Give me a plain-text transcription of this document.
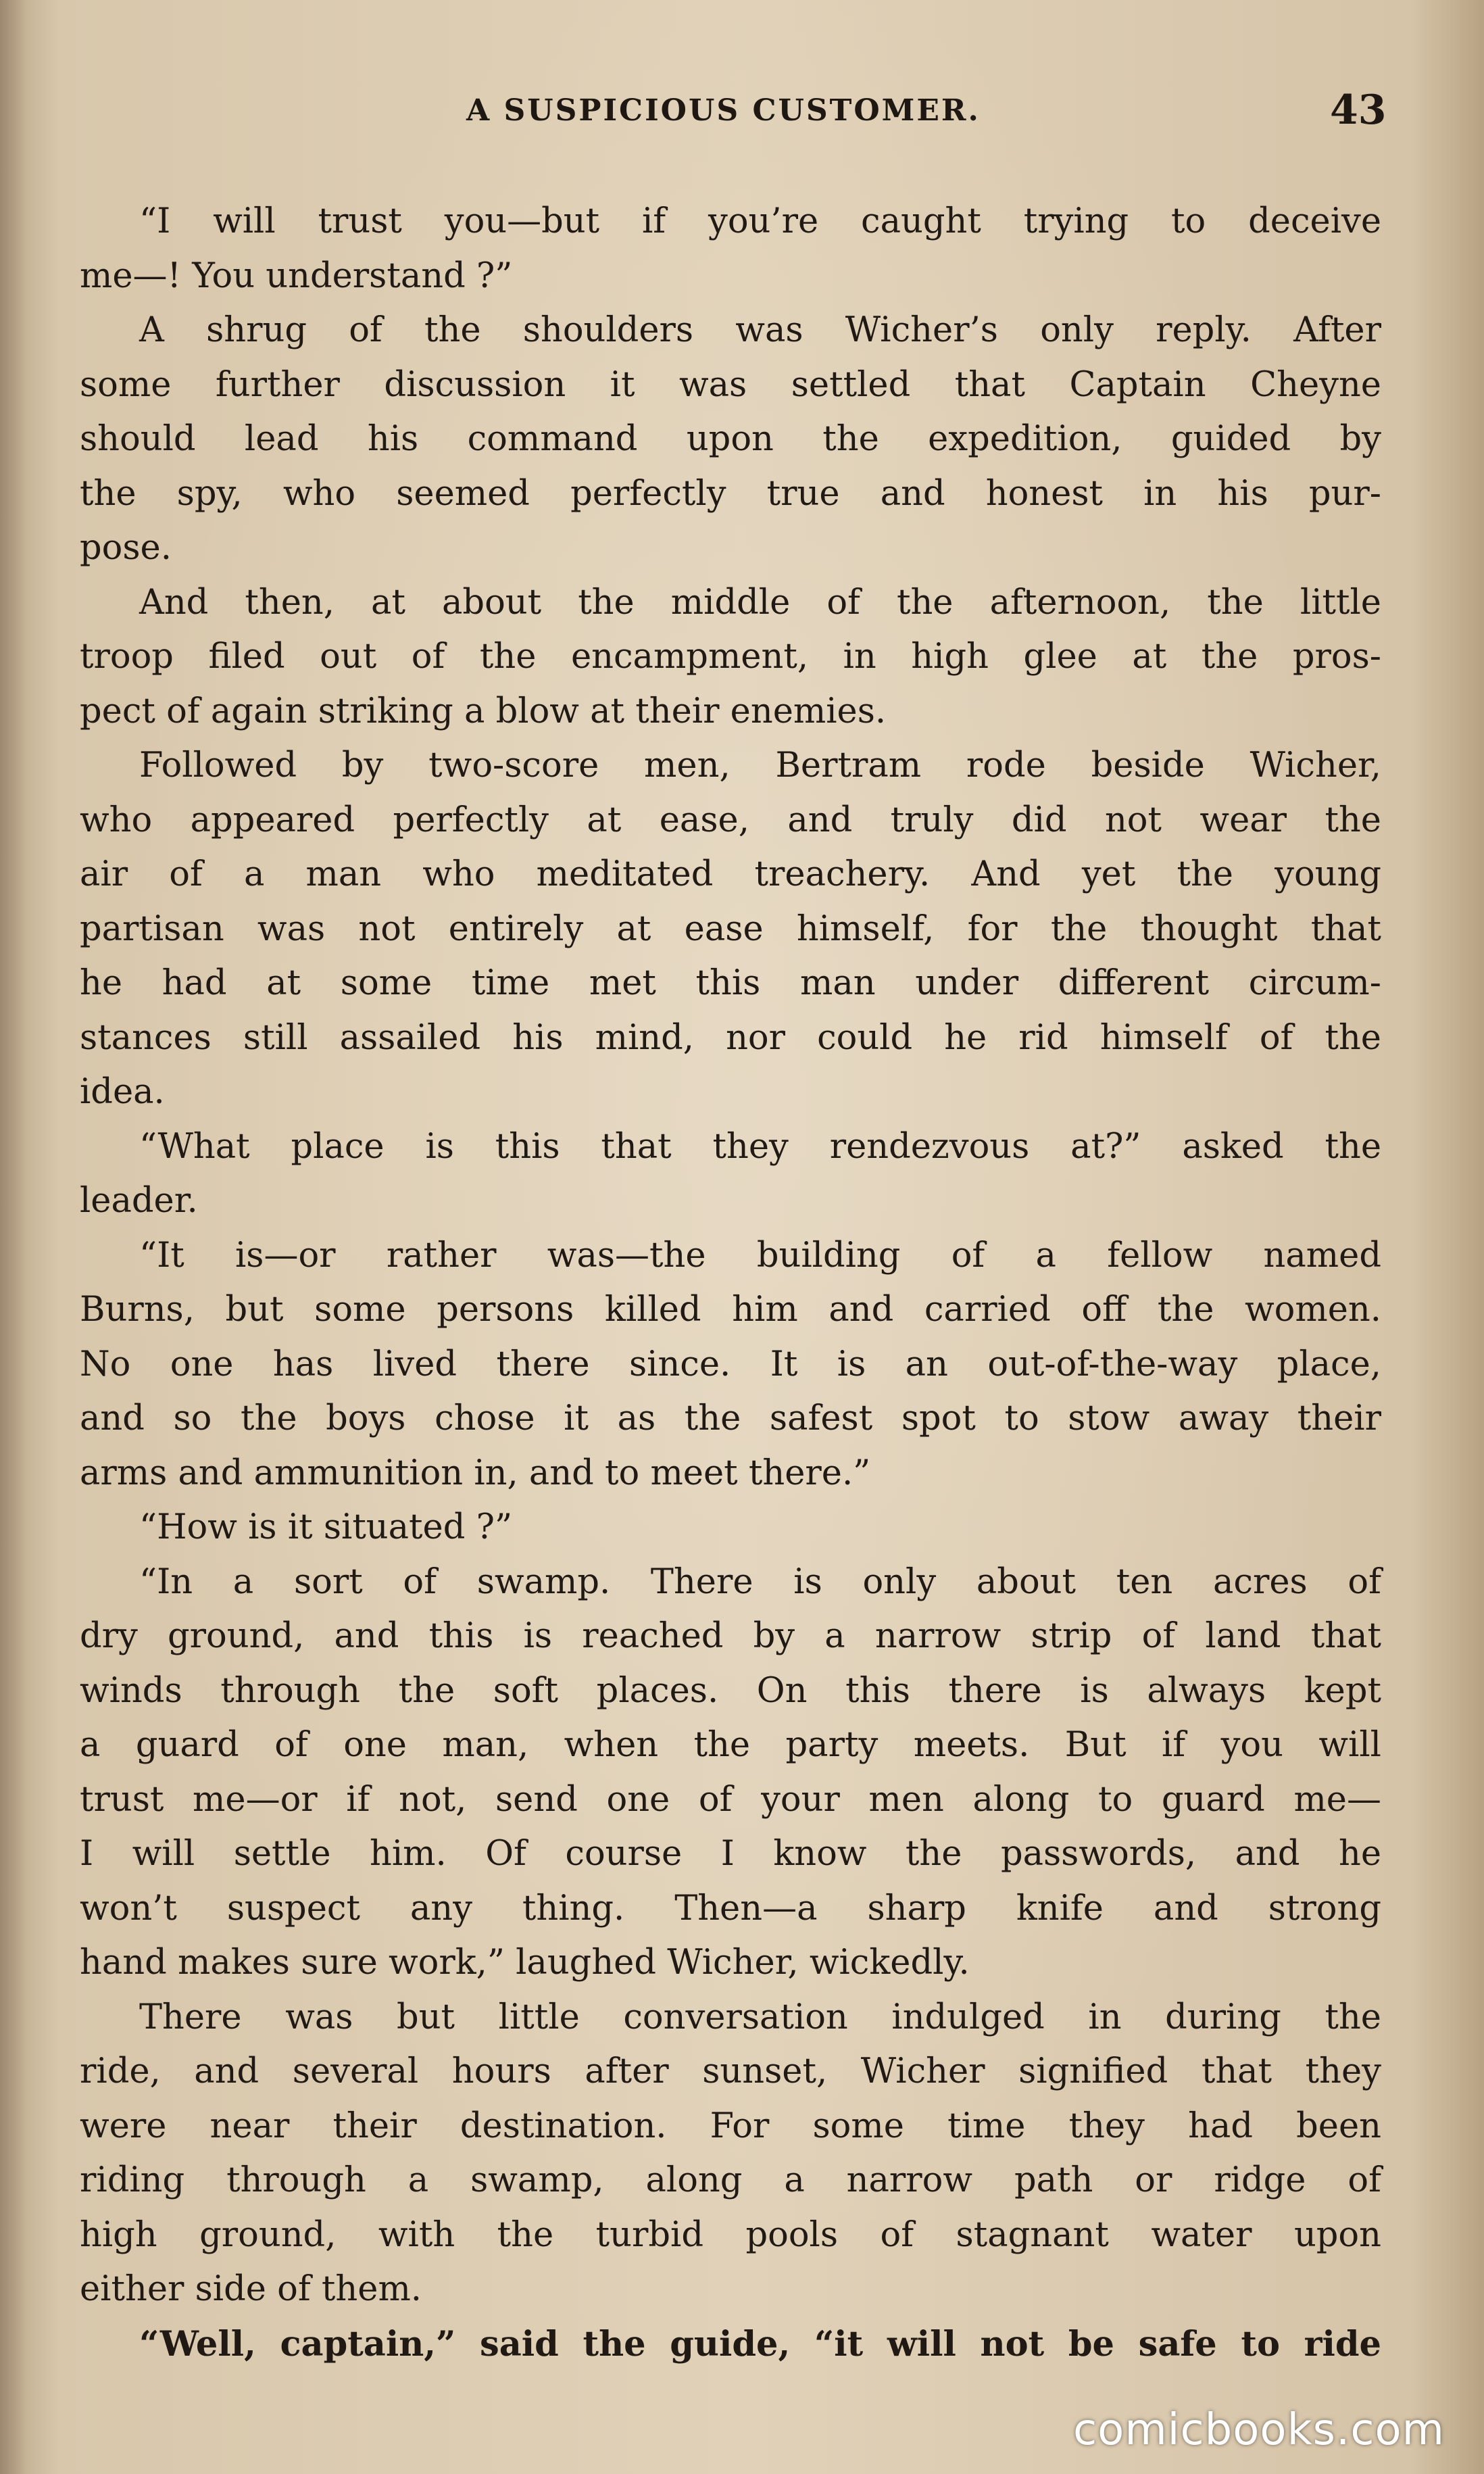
A SUSPICIOUS CUSTOMER.	43
“I will trust you—but if you’re caught trying to deceive
me—! You understand ?”
A shrug of the shoulders was Wicher’s only reply. After
some further discussion it was settled that Captain Cheyne
should lead his command upon the expedition, guided by
the spy, who seemed perfectly true and honest in his pur-
pose.
And then, at about the middle of the afternoon, the little
troop filed out of the encampment, in high glee at the pros-
pect of again striking a blow at their enemies.
Followed by two-score men, Bertram rode beside Wicher,
who appeared perfectly at ease, and truly did not wear the
air of a man who meditated treachery. And yet the young
partisan was not entirely at ease himself, for the thought that
he had at some time met this man under different circum-
stances still assailed his mind, nor could he rid himself of the
idea.
“What place is this that they rendezvous at?” asked the
leader.
“It is—or rather was—the building of a fellow named
Burns, but some persons killed him and carried off the women.
No one has lived there since. It is an out-of-the-way place,
and so the boys chose it as the safest spot to stow away their
arms and ammunition in, and to meet there.”
“How is it situated ?”
“In a sort of swamp. There is only about ten acres of
dry ground, and this is reached by a narrow strip of land that
winds through the soft places. On this there is always kept
a guard of one man, when the party meets. But if you will
trust me—or if not, send one of your men along to guard me—
I will settle him. Of course I know the passwords, and he
won’t suspect any thing. Then—a sharp knife and strong
hand makes sure work,” laughed Wicher, wickedly.
There was but little conversation indulged in during the
ride, and several hours after sunset, Wicher signified that they
were near their destination. For some time they had been
riding through a swamp, along a narrow path or ridge of
high ground, with the turbid pools of stagnant water upon
either side of them.
“Well, captain,” said the guide, “it will not be safe to ride
comicbooks.com
